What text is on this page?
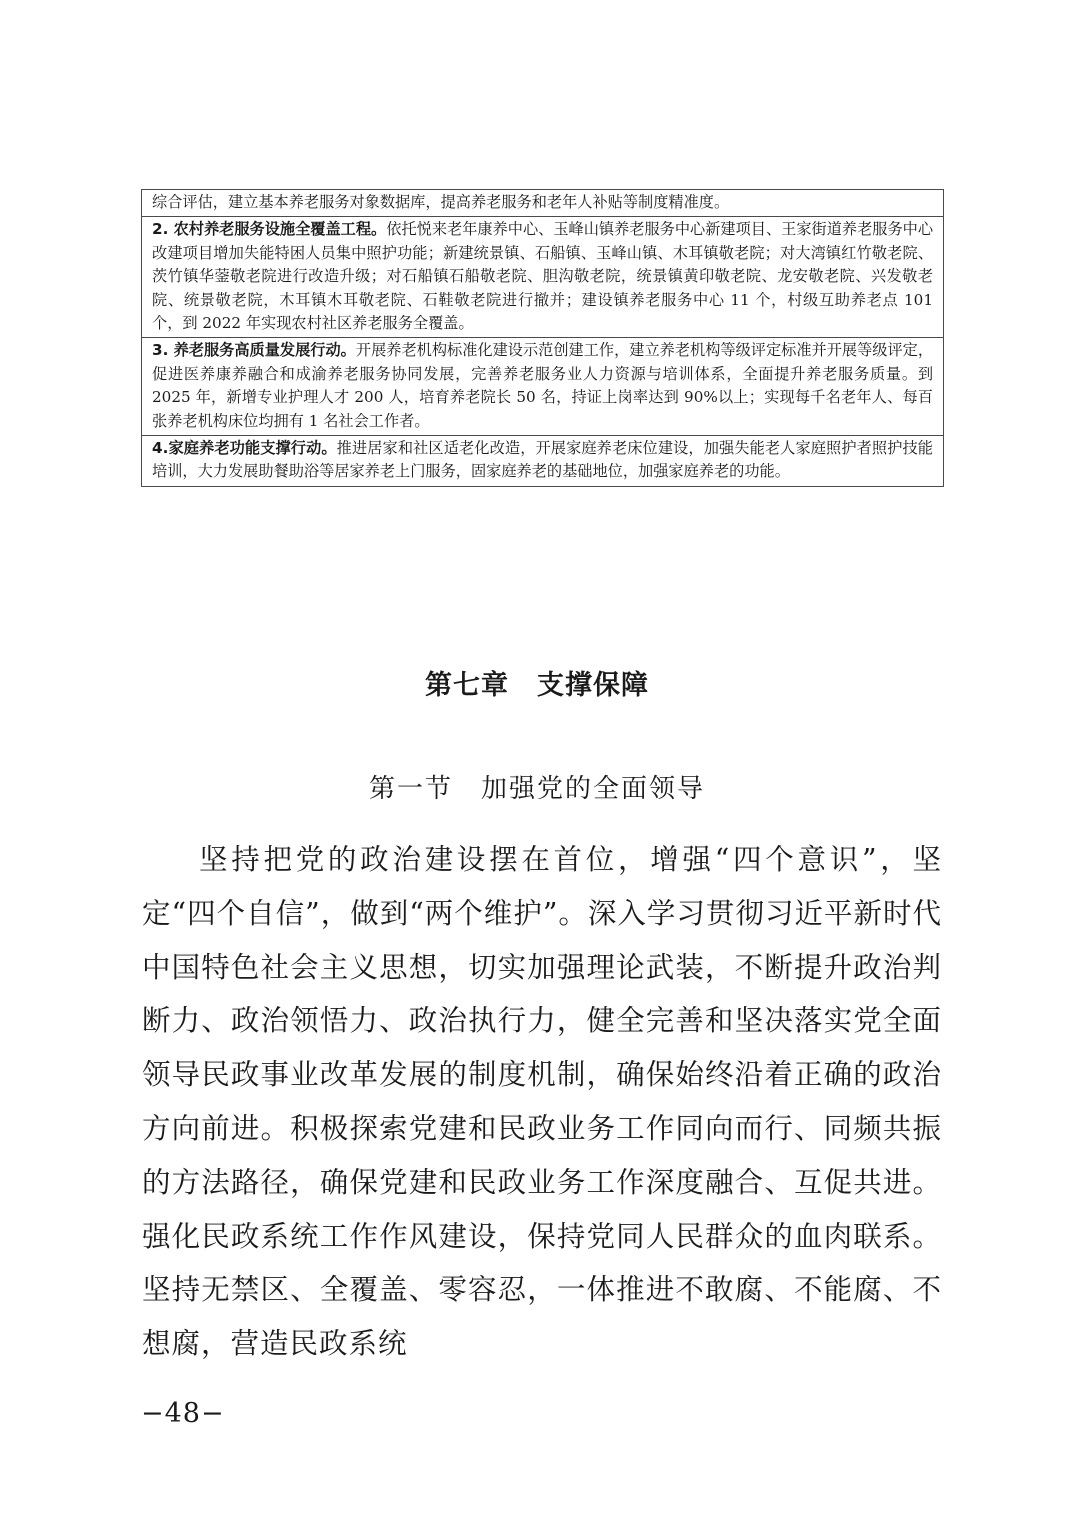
综合评估，建立基本养老服务对象数据库，提高养老服务和老年人补贴等制度精准度。
2. 农村养老服务设施全覆盖工程。依托悦来老年康养中心、玉峰山镇养老服务中心新建项目、王家街道养老服务中心改建项目增加失能特困人员集中照护功能；新建统景镇、石船镇、玉峰山镇、木耳镇敬老院；对大湾镇红竹敬老院、茨竹镇华蓥敬老院进行改造升级；对石船镇石船敬老院、胆沟敬老院，统景镇黄印敬老院、龙安敬老院、兴发敬老院、统景敬老院，木耳镇木耳敬老院、石鞋敬老院进行撤并；建设镇养老服务中心 11 个，村级互助养老点 101 个，到 2022 年实现农村社区养老服务全覆盖。
3. 养老服务高质量发展行动。开展养老机构标准化建设示范创建工作，建立养老机构等级评定标准并开展等级评定，促进医养康养融合和成渝养老服务协同发展，完善养老服务业人力资源与培训体系，全面提升养老服务质量。到 2025 年，新增专业护理人才 200 人，培育养老院长 50 名，持证上岗率达到 90%以上；实现每千名老年人、每百张养老机构床位均拥有 1 名社会工作者。
4.家庭养老功能支撑行动。推进居家和社区适老化改造，开展家庭养老床位建设，加强失能老人家庭照护者照护技能培训，大力发展助餐助浴等居家养老上门服务，固家庭养老的基础地位，加强家庭养老的功能。
第七章　支撑保障
第一节　加强党的全面领导

坚持把党的政治建设摆在首位，增强“四个意识”，坚定“四个自信”，做到“两个维护”。深入学习贯彻习近平新时代中国特色社会主义思想，切实加强理论武装，不断提升政治判断力、政治领悟力、政治执行力，健全完善和坚决落实党全面领导民政事业改革发展的制度机制，确保始终沿着正确的政治方向前进。积极探索党建和民政业务工作同向而行、同频共振的方法路径，确保党建和民政业务工作深度融合、互促共进。强化民政系统工作作风建设，保持党同人民群众的血肉联系。坚持无禁区、全覆盖、零容忍，一体推进不敢腐、不能腐、不想腐，营造民政系统

−48−
